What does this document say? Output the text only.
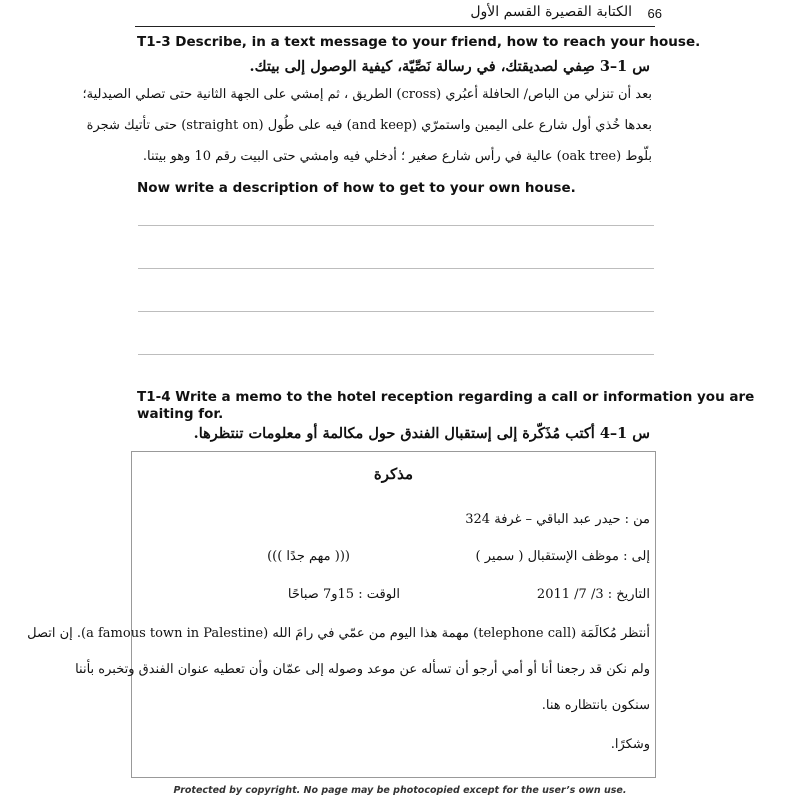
66
الكتابة القصيرة القسم الأول
T1-3 Describe, in a text message to your friend, how to reach your house.
س 1–3 صِفي لصديقتك، في رسالة نَصِّيّة، كيفية الوصول إلى بيتك.
بعد أن تنزلي من الباص/ الحافلة أعبُري (cross) الطريق ، ثم إمشي على الجهة الثانية حتى تصلي الصيدلية؛
بعدها خُذي أول شارع على اليمين واستمرّي (and keep) فيه على طُول (straight on) حتى تأتيك شجرة
بلّوط (oak tree) عالية في رأس شارع صغير ؛ أدخلي فيه وامشي حتى البيت رقم 10 وهو بيتنا.
Now write a description of how to get to your own house.
T1-4 Write a memo to the hotel reception regarding a call or information you are
waiting for.
س 1–4 أكتب مُذَكّرة إلى إستقبال الفندق حول مكالمة أو معلومات تنتظرها.
مذكرة
من : حيدر عبد الباقي – غرفة 324
إلى : موظف الإستقبال ( سمير )
((( مهم جدًا )))
التاريخ : 3/ 7/ 2011
الوقت : 15و7 صباحًا
أنتظر مُكالَمَة (telephone call) مهمة هذا اليوم من عمّي في رامَ الله (a famous town in Palestine). إن اتصل
ولم نكن قد رجعنا أنا أو أمي أرجو أن تسأله عن موعد وصوله إلى عمّان وأن تعطيه عنوان الفندق وتخبره بأننا
سنكون بانتظاره هنا.
وشكرًا.
Protected by copyright. No page may be photocopied except for the user’s own use.
